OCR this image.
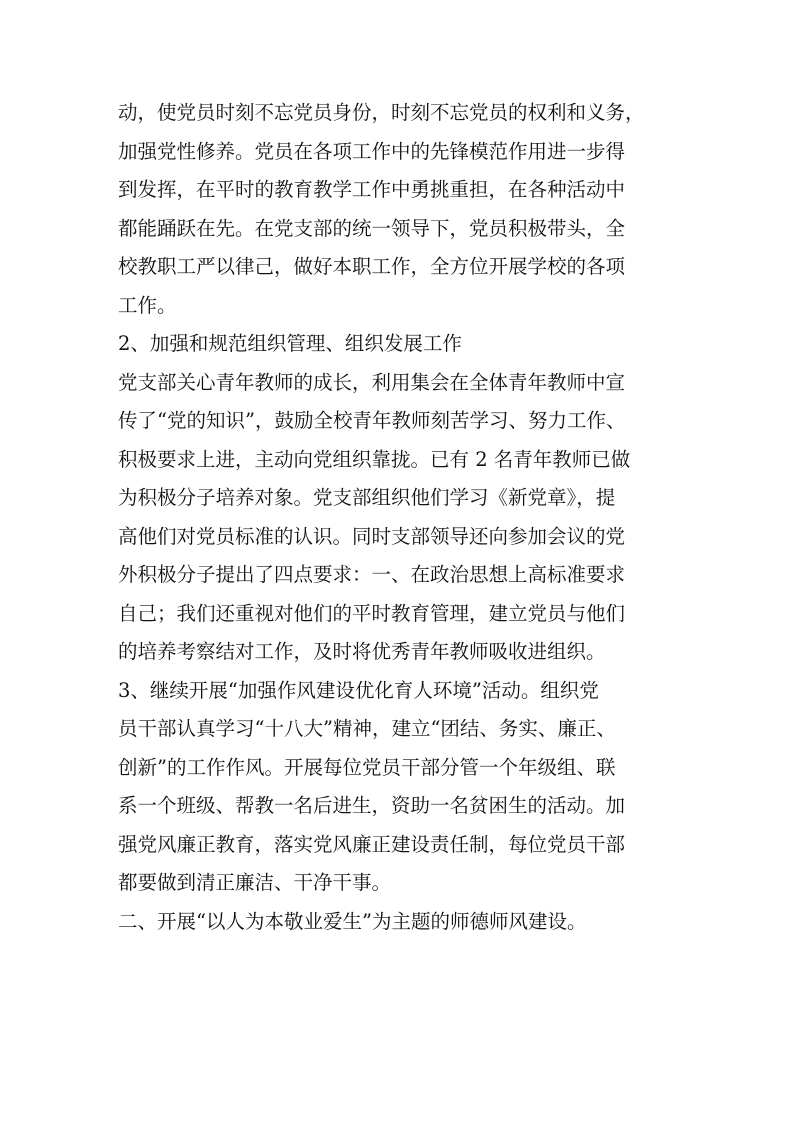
动，使党员时刻不忘党员身份，时刻不忘党员的权利和义务，
加强党性修养。党员在各项工作中的先锋模范作用进一步得
到发挥，在平时的教育教学工作中勇挑重担，在各种活动中
都能踊跃在先。在党支部的统一领导下，党员积极带头，全
校教职工严以律己，做好本职工作，全方位开展学校的各项
工作。
2、加强和规范组织管理、组织发展工作
党支部关心青年教师的成长，利用集会在全体青年教师中宣
传了“党的知识”，鼓励全校青年教师刻苦学习、努力工作、
积极要求上进，主动向党组织靠拢。已有 2 名青年教师已做
为积极分子培养对象。党支部组织他们学习《新党章》，提
高他们对党员标准的认识。同时支部领导还向参加会议的党
外积极分子提出了四点要求：一、在政治思想上高标准要求
自己；我们还重视对他们的平时教育管理，建立党员与他们
的培养考察结对工作，及时将优秀青年教师吸收进组织。
3、继续开展“加强作风建设优化育人环境”活动。组织党
员干部认真学习“十八大”精神，建立“团结、务实、廉正、
创新”的工作作风。开展每位党员干部分管一个年级组、联
系一个班级、帮教一名后进生，资助一名贫困生的活动。加
强党风廉正教育，落实党风廉正建设责任制，每位党员干部
都要做到清正廉洁、干净干事。
二、开展“以人为本敬业爱生”为主题的师德师风建设。
